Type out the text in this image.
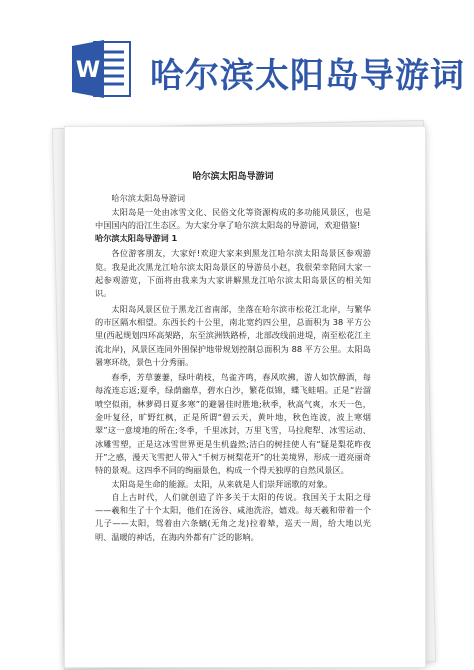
W 哈尔滨太阳岛导游词
哈尔滨太阳岛导游词

哈尔滨太阳岛导游词

太阳岛是一处由冰雪文化、民俗文化等资源构成的多功能风景区，也是中国国内的沿江生态区。为大家分享了哈尔滨太阳岛的导游词，欢迎借鉴!

哈尔滨太阳岛导游词 1

各位游客朋友，大家好!欢迎大家来到黑龙江哈尔滨太阳岛景区参观游览。我是此次黑龙江哈尔滨太阳岛景区的导游员小赵，我很荣幸陪同大家一起参观游览，下面将由我来为大家讲解黑龙江哈尔滨太阳岛景区的相关知识。

太阳岛风景区位于黑龙江省南部，坐落在哈尔滨市松花江北岸，与繁华的市区隔水相望。东西长约十公里，南北宽约四公里，总面积为 38 平方公里(西起规划四环高架路，东至滨洲铁路桥，北部改线前进堤，南至松花江主流北岸)，风景区连同外围保护地带规划控制总面积为 88 平方公里。太阳岛暑寒环绕，景色十分秀丽。

春季，芳草萋萋，绿叶萌枝，鸟雀齐鸣，春风吹拂，游人如饮醇酒，每每流连忘返;夏季，绿荫幽草，碧水白沙，繁花似锦，蝶飞蛙唱。正是“岩溜喷空似雨，林萝碍日夏多寒”的避暑佳时胜地;秋季，秋高气爽，水天一色，金叶复径，旷野红枫，正是所谓“碧云天，黄叶地，秋色连波，波上寒烟翠”这一意境地的所在;冬季，千里冰封，万里飞雪，马拉爬犁、冰雪运动、冰雕雪塑，正是这冰雪世界更是生机盎然;洁白的树挂使人有“疑是梨花昨夜开”之感，漫天飞雪把人带入“千树万树梨花开”的壮美境界，形成一道亮丽奇特的景观。这四季不同的绚丽景色，构成一个得天独厚的自然风景区。

太阳岛是生命的能源。太阳，从来就是人们崇拜谣歌的对象。

自上古时代，人们就创造了许多关于太阳的传说。我国关于太阳之母——羲和生了十个太阳，他们在汤谷、咸池洗浴，嬉戏。每天羲和带着一个儿子——太阳，驾着由六条螭(无角之龙)拉着辇，巡天一周，给大地以光明、温暖的神话，在海内外都有广泛的影响。
